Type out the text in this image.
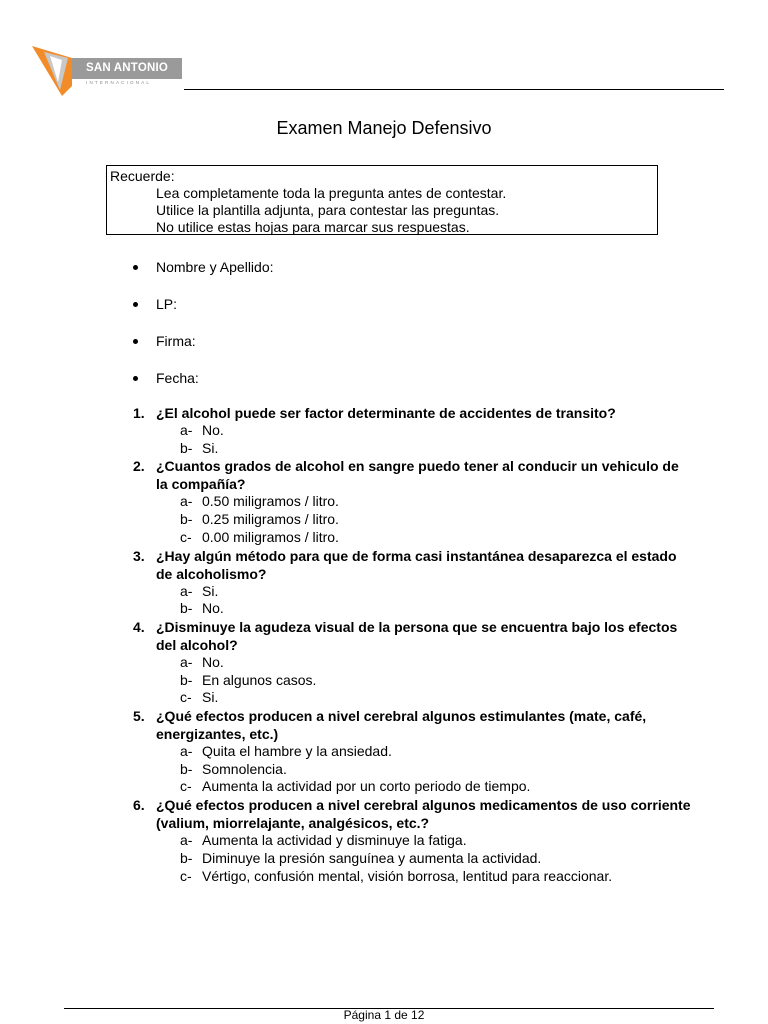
SAN ANTONIO
INTERNACIONAL
Examen Manejo Defensivo
Recuerde:
Lea completamente toda la pregunta antes de contestar.
Utilice la plantilla adjunta, para contestar las preguntas.
No utilice estas hojas para marcar sus respuestas.
Nombre y Apellido:
LP:
Firma:
Fecha:
1. ¿El alcohol puede ser factor determinante de accidentes de transito?
a- No.
b- Si.
2. ¿Cuantos grados de alcohol en sangre puedo tener al conducir un vehiculo de la compañía?
a- 0.50 miligramos / litro.
b- 0.25 miligramos / litro.
c- 0.00 miligramos / litro.
3. ¿Hay algún método para que de forma casi instantánea desaparezca el estado de alcoholismo?
a- Si.
b- No.
4. ¿Disminuye la agudeza visual de la persona que se encuentra bajo los efectos del alcohol?
a- No.
b- En algunos casos.
c- Si.
5. ¿Qué efectos producen a nivel cerebral algunos estimulantes (mate, café, energizantes, etc.)
a- Quita el hambre y la ansiedad.
b- Somnolencia.
c- Aumenta la actividad por un corto periodo de tiempo.
6. ¿Qué efectos producen a nivel cerebral algunos medicamentos de uso corriente (valium, miorrelajante, analgésicos, etc.?
a- Aumenta la actividad y disminuye la fatiga.
b- Diminuye la presión sanguínea y aumenta la actividad.
c- Vértigo, confusión mental, visión borrosa, lentitud para reaccionar.
Página 1 de 12
